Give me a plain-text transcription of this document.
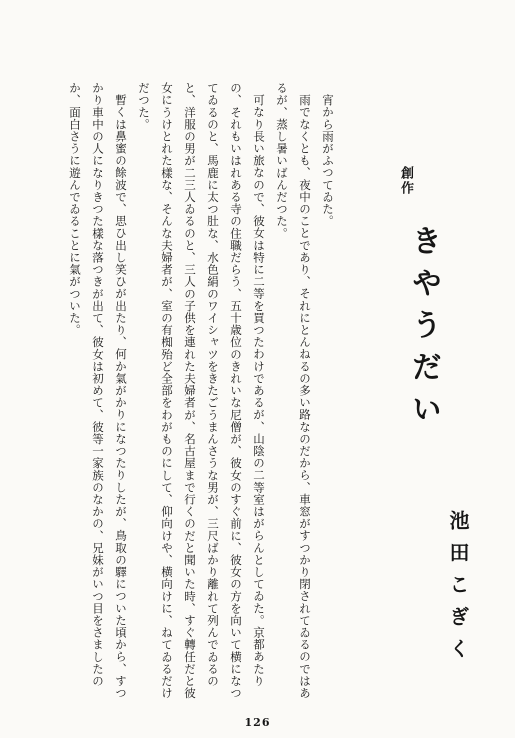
創作
きやうだい
池田こぎく

宵から雨がふつてゐた。

雨でなくとも、夜中のことであり、それにとんねるの多い路なのだから、車窓がすつかり閉されてゐるのではあるが、蒸し暑いばんだつた。

可なり長い旅なので、彼女は特に二等を買つたわけであるが、山陰の二等室はがらんとしてゐた。京都あたりの、それもいはれある寺の住職だらう、五十歳位のきれいな尼僧が、彼女のすぐ前に、彼女の方を向いて横になつてゐるのと、馬鹿に太つ肚な、水色絹のワイシャツをきたごうまんさうな男が、三尺ばかり離れて列んでゐるのと、洋服の男が二三人ゐるのと、三人の子供を連れた夫婦者が、名古屋まで行くのだと聞いた時、すぐ轉任だと彼女にうけとれた樣な、そんな夫婦者が、室の有椥殆ど全部をわがものにして、仰向けや、横向けに、ねてゐるだけだつた。

暫くは鼻蜜の餘波で、思ひ出し笑ひが出たり、何か氣がかりになつたりしたが、鳥取の驛についた頃から、すつかり車中の人になりきつた樣な落つきが出て、彼女は初めて、彼等一家族のなかの、兄妹がいつ目をさましたのか、面白さうに遊んでゐることに氣がついた。

126
